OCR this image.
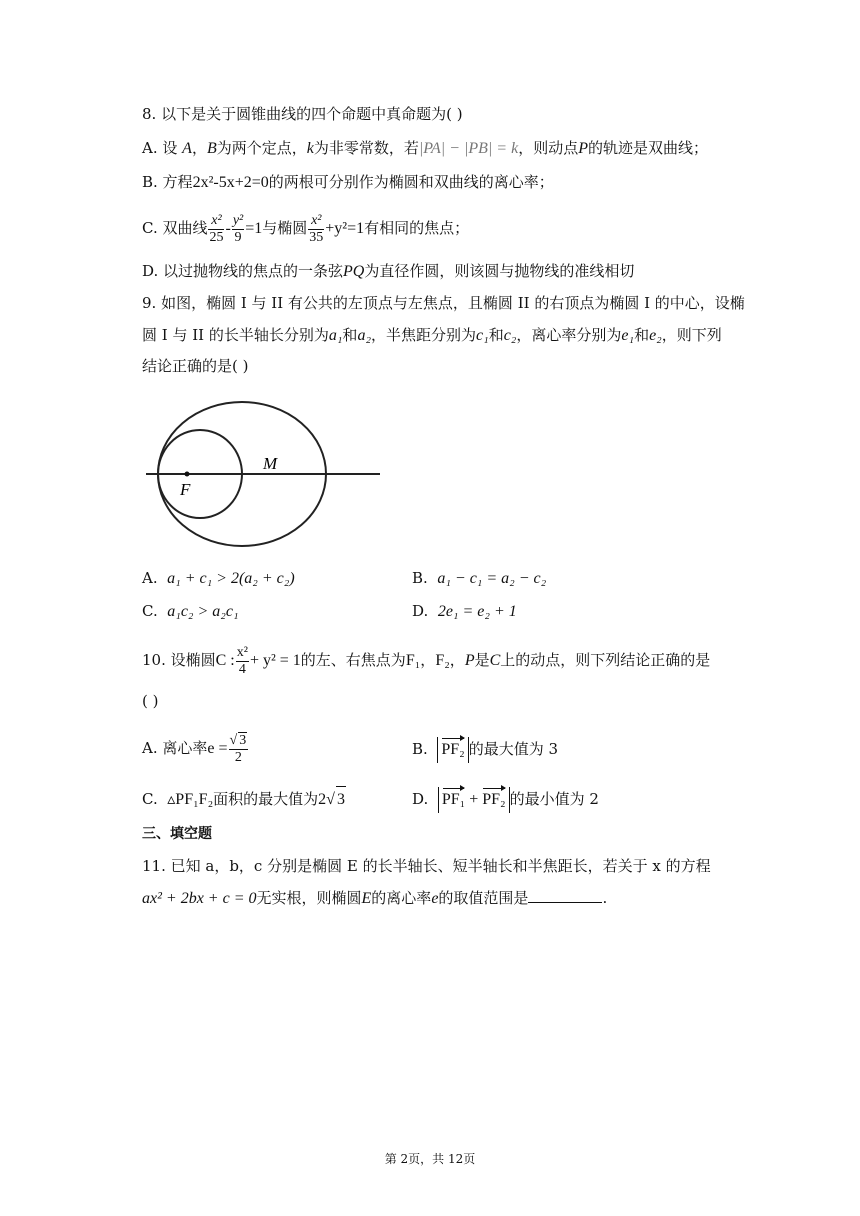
8. 以下是关于圆锥曲线的四个命题中真命题为( )
A. 设 A，B为两个定点，k为非零常数，若|PA| − |PB| = k，则动点P的轨迹是双曲线；
B. 方程2x²-5x+2=0的两根可分别作为椭圆和双曲线的离心率；
C. 双曲线 $\frac{\text{x²}}{25} - \frac{\text{y²}}{9} =1$与椭圆 $\frac{\text{x²}}{35} +y^2=1$有相同的焦点；
D. 以过抛物线的焦点的一条弦PQ为直径作圆，则该圆与抛物线的准线相切
9. 如图，椭圆 I 与 II 有公共的左顶点与左焦点，且椭圆 II 的右顶点为椭圆 I 的中心，设椭
圆 I 与 II 的长半轴长分别为a₁和a₂，半焦距分别为c₁和c₂，离心率分别为e₁和e₂，则下列
结论正确的是( )
M
F
A. a₁ + c₁ > 2(a₂ + c₂)	B. a₁ − c₁ = a₂ − c₂
C. a₁c₂ > a₂c₁	D. 2e₁ = e₂ + 1
10. 设椭圆C : $\frac{\text{x²}}{4} + y^2 = 1$的左、右焦点为F₁，F₂，P是C上的动点，则下列结论正确的是
( )
A. 离心率$e = \frac{√ 3}{2}$	B. PF₂ 的最大值为 3
C. ▵PF₁F₂面积的最大值为2√ 3	D. PF₁ + PF₂ 的最小值为 2
三、填空题
11. 已知 a，b，c 分别是椭圆 E 的长半轴长、短半轴长和半焦距长，若关于 x 的方程
ax² + 2bx + c = 0无实根，则椭圆E的离心率e的取值范围是	.
第 2页，共 12页
